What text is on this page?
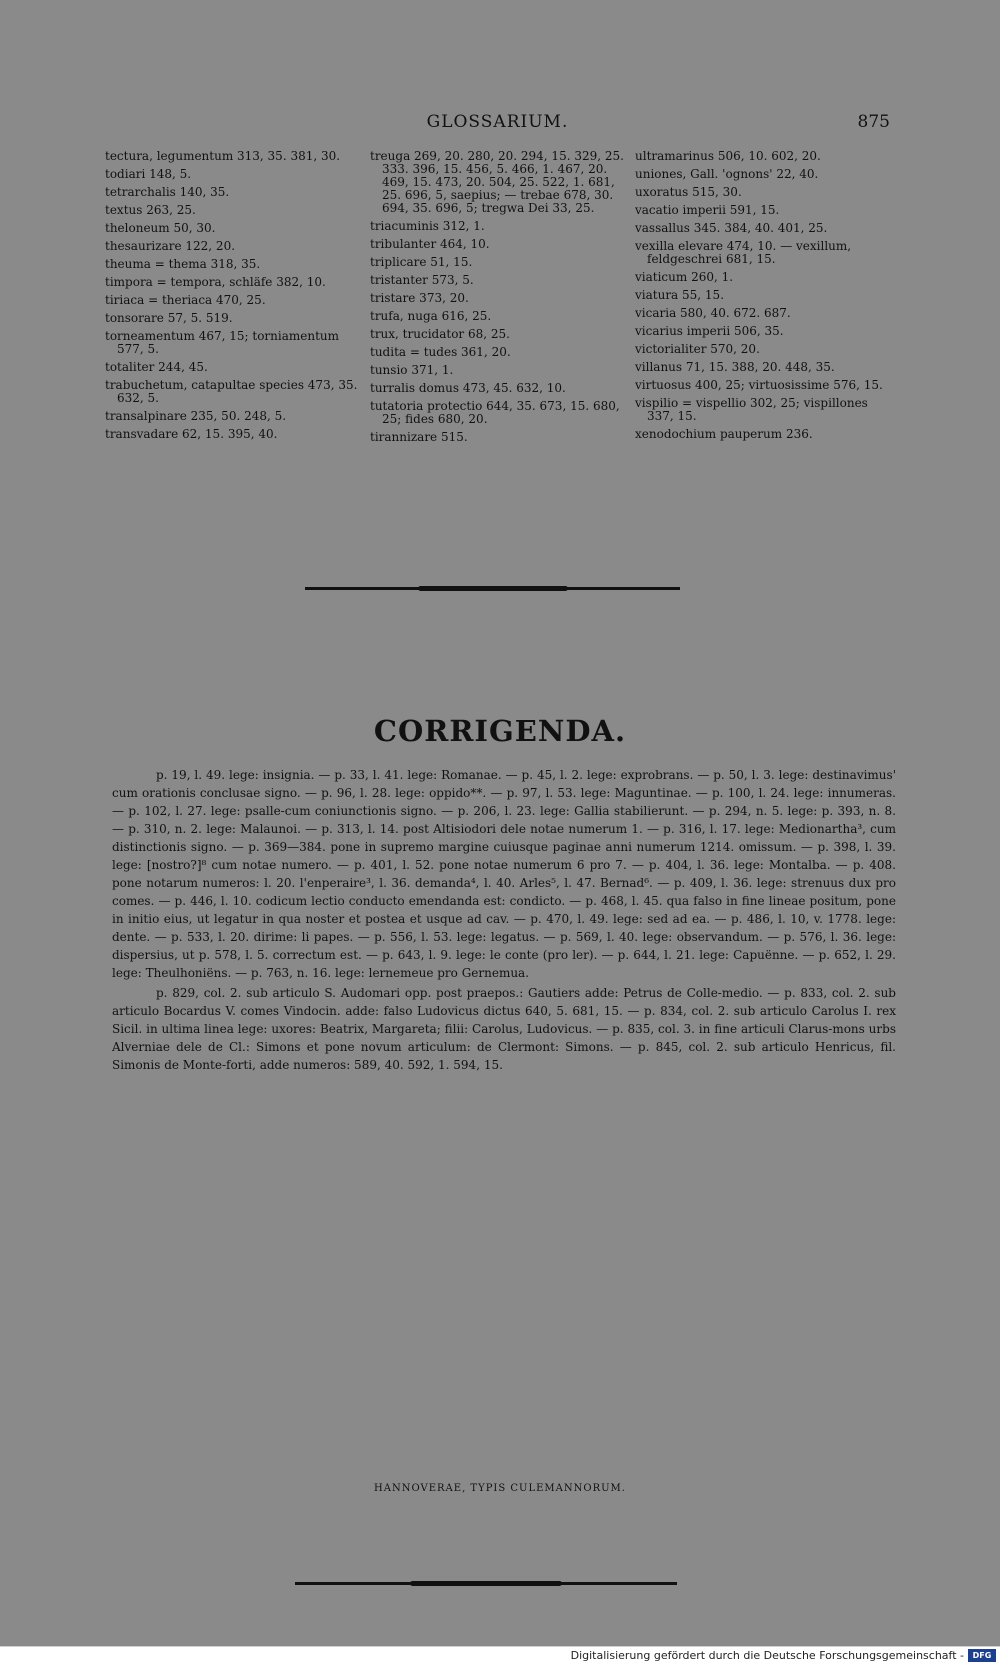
GLOSSARIUM.	875
tectura, legumentum 313, 35. 381, 30.
todiari 148, 5.
tetrarchalis 140, 35.
textus 263, 25.
theloneum 50, 30.
thesaurizare 122, 20.
theuma = thema 318, 35.
timpora = tempora, schläfe 382, 10.
tiriaca = theriaca 470, 25.
tonsorare 57, 5. 519.
torneamentum 467, 15; torniamentum 577, 5.
totaliter 244, 45.
trabuchetum, catapultae species 473, 35. 632, 5.
transalpinare 235, 50. 248, 5.
transvadare 62, 15. 395, 40.
treuga 269, 20. 280, 20. 294, 15. 329, 25. 333. 396, 15. 456, 5. 466, 1. 467, 20. 469, 15. 473, 20. 504, 25. 522, 1. 681, 25. 696, 5, saepius; — trebae 678, 30. 694, 35. 696, 5; tregwa Dei 33, 25.
triacuminis 312, 1.
tribulanter 464, 10.
triplicare 51, 15.
tristanter 573, 5.
tristare 373, 20.
trufa, nuga 616, 25.
trux, trucidator 68, 25.
tudita = tudes 361, 20.
tunsio 371, 1.
turralis domus 473, 45. 632, 10.
tutatoria protectio 644, 35. 673, 15. 680, 25; fides 680, 20.
tirannizare 515.
ultramarinus 506, 10. 602, 20.
uniones, Gall. 'ognons' 22, 40.
uxoratus 515, 30.
vacatio imperii 591, 15.
vassallus 345. 384, 40. 401, 25.
vexilla elevare 474, 10. — vexillum, feldgeschrei 681, 15.
viaticum 260, 1.
viatura 55, 15.
vicaria 580, 40. 672. 687.
vicarius imperii 506, 35.
victorialiter 570, 20.
villanus 71, 15. 388, 20. 448, 35.
virtuosus 400, 25; virtuosissime 576, 15.
vispilio = vispellio 302, 25; vispillones 337, 15.
xenodochium pauperum 236.
CORRIGENDA.

p. 19, l. 49. lege: insignia. — p. 33, l. 41. lege: Romanae. — p. 45, l. 2. lege: exprobrans. — p. 50, l. 3. lege: destinavimus' cum orationis conclusae signo. — p. 96, l. 28. lege: oppido**. — p. 97, l. 53. lege: Maguntinae. — p. 100, l. 24. lege: innumeras. — p. 102, l. 27. lege: psalle-cum coniunctionis signo. — p. 206, l. 23. lege: Gallia stabilierunt. — p. 294, n. 5. lege: p. 393, n. 8. — p. 310, n. 2. lege: Malaunoi. — p. 313, l. 14. post Altisiodori dele notae numerum 1. — p. 316, l. 17. lege: Medionartha³, cum distinctionis signo. — p. 369—384. pone in supremo margine cuiusque paginae anni numerum 1214. omissum. — p. 398, l. 39. lege: [nostro?]⁸ cum notae numero. — p. 401, l. 52. pone notae numerum 6 pro 7. — p. 404, l. 36. lege: Montalba. — p. 408. pone notarum numeros: l. 20. l'enperaire³, l. 36. demanda⁴, l. 40. Arles⁵, l. 47. Bernad⁶. — p. 409, l. 36. lege: strenuus dux pro comes. — p. 446, l. 10. codicum lectio conducto emendanda est: condicto. — p. 468, l. 45. qua falso in fine lineae positum, pone in initio eius, ut legatur in qua noster et postea et usque ad cav. — p. 470, l. 49. lege: sed ad ea. — p. 486, l. 10, v. 1778. lege: dente. — p. 533, l. 20. dirime: li papes. — p. 556, l. 53. lege: legatus. — p. 569, l. 40. lege: observandum. — p. 576, l. 36. lege: dispersius, ut p. 578, l. 5. correctum est. — p. 643, l. 9. lege: le conte (pro ler). — p. 644, l. 21. lege: Capuënne. — p. 652, l. 29. lege: Theulhoniëns. — p. 763, n. 16. lege: lernemeue pro Gernemua.

p. 829, col. 2. sub articulo S. Audomari opp. post praepos.: Gautiers adde: Petrus de Colle-medio. — p. 833, col. 2. sub articulo Bocardus V. comes Vindocin. adde: falso Ludovicus dictus 640, 5. 681, 15. — p. 834, col. 2. sub articulo Carolus I. rex Sicil. in ultima linea lege: uxores: Beatrix, Margareta; filii: Carolus, Ludovicus. — p. 835, col. 3. in fine articuli Clarus-mons urbs Alverniae dele de Cl.: Simons et pone novum articulum: de Clermont: Simons. — p. 845, col. 2. sub articulo Henricus, fil. Simonis de Monte-forti, adde numeros: 589, 40. 592, 1. 594, 15.

HANNOVERAE, TYPIS CULEMANNORUM.
Digitalisierung gefördert durch die Deutsche Forschungsgemeinschaft -	DFG
